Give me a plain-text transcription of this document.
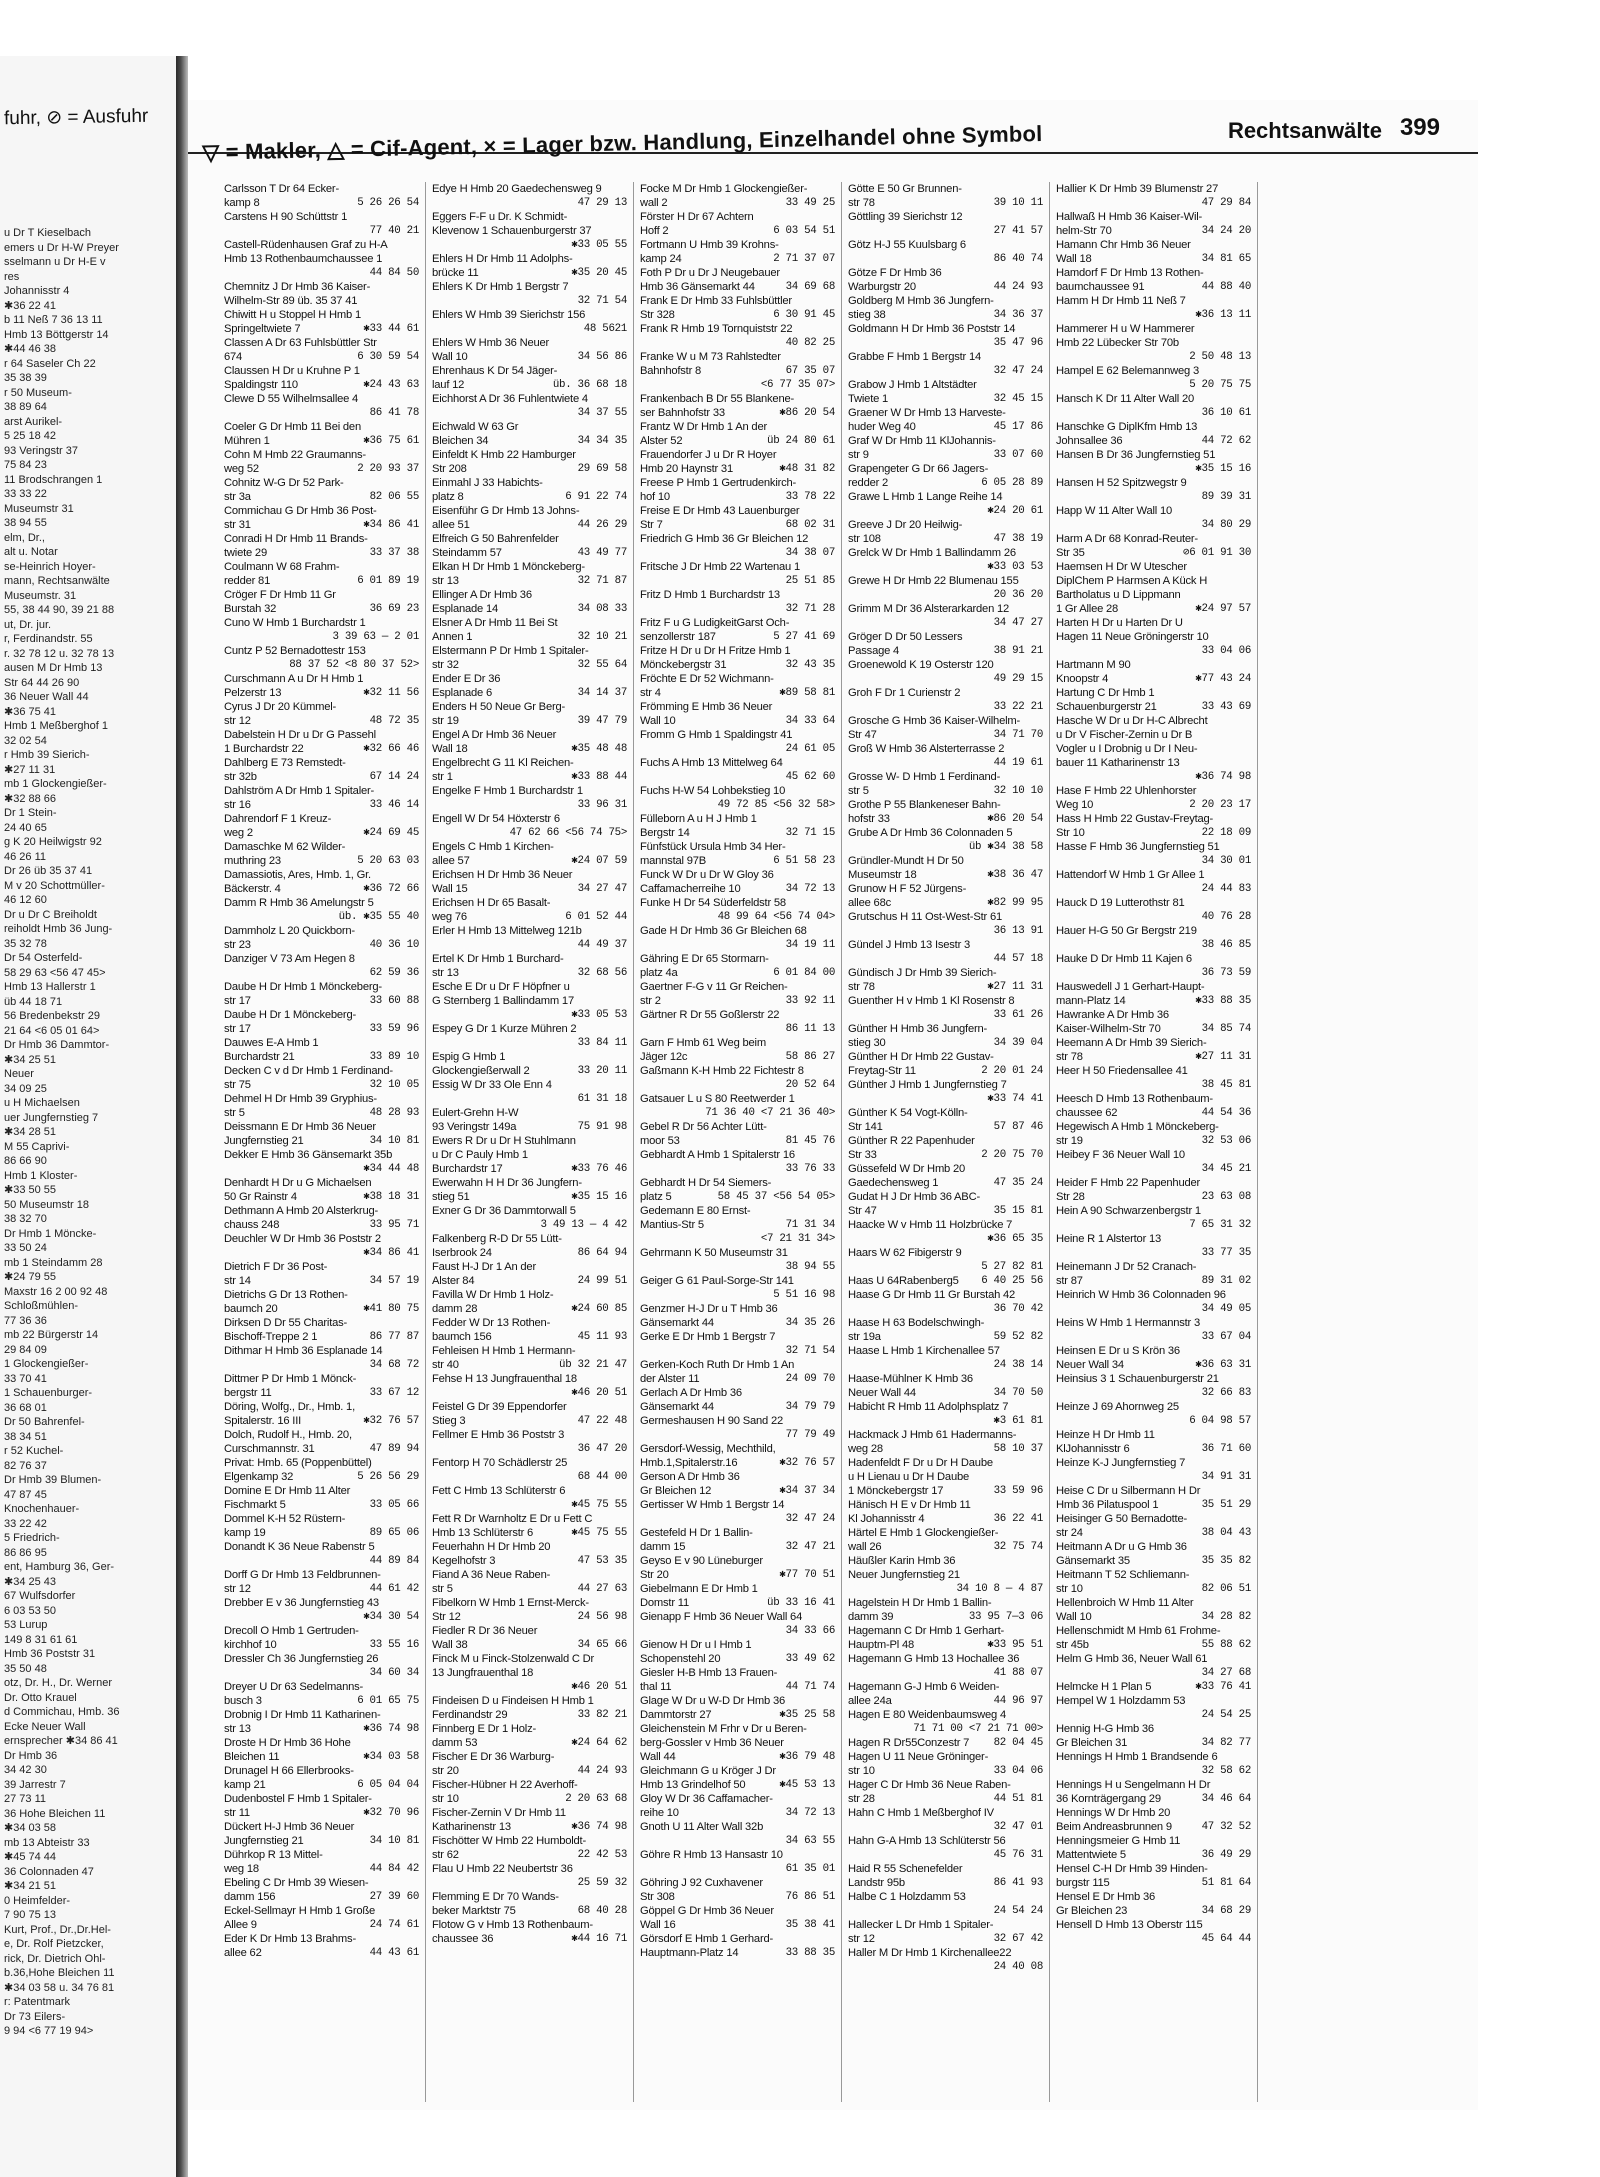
fuhr, ⊘ = Ausfuhr
u Dr T Kieselbach
emers u Dr H-W Preyer
sselmann u Dr H-E v
res
Johannisstr 4
✱36 22 41
b 11 Neß 7 36 13 11
Hmb 13 Böttgerstr 14
✱44 46 38
r 64 Saseler Ch 22
35 38 39
r 50 Museum-
38 89 64
arst Aurikel-
5 25 18 42
93 Veringstr 37
75 84 23
11 Brodschrangen 1
33 33 22
Museumstr 31
38 94 55
elm, Dr.,
alt u. Notar
se-Heinrich Hoyer-
mann, Rechtsanwälte
Museumstr. 31
55, 38 44 90, 39 21 88
ut, Dr. jur.
r, Ferdinandstr. 55
r. 32 78 12 u. 32 78 13
ausen M Dr Hmb 13
Str 64 44 26 90
36 Neuer Wall 44
✱36 75 41
Hmb 1 Meßberghof 1
32 02 54
r Hmb 39 Sierich-
✱27 11 31
mb 1 Glockengießer-
✱32 88 66
Dr 1 Stein-
24 40 65
g K 20 Heilwigstr 92
46 26 11
Dr 26 üb 35 37 41
M v 20 Schottmüller-
46 12 60
Dr u Dr C Breiholdt
reiholdt Hmb 36 Jung-
35 32 78
Dr 54 Osterfeld-
58 29 63 <56 47 45>
Hmb 13 Hallerstr 1
üb 44 18 71
56 Bredenbekstr 29
21 64 <6 05 01 64>
Dr Hmb 36 Dammtor-
✱34 25 51
Neuer
34 09 25
u H Michaelsen
uer Jungfernstieg 7
✱34 28 51
M 55 Caprivi-
86 66 90
Hmb 1 Kloster-
✱33 50 55
50 Museumstr 18
38 32 70
Dr Hmb 1 Möncke-
33 50 24
mb 1 Steindamm 28
✱24 79 55
Maxstr 16 2 00 92 48
Schloßmühlen-
77 36 36
mb 22 Bürgerstr 14
29 84 09
1 Glockengießer-
33 70 41
1 Schauenburger-
36 68 01
Dr 50 Bahrenfel-
38 34 51
r 52 Kuchel-
82 76 37
Dr Hmb 39 Blumen-
47 87 45
Knochenhauer-
33 22 42
5 Friedrich-
86 86 95
ent, Hamburg 36, Ger-
✱34 25 43
67 Wulfsdorfer
6 03 53 50
53 Lurup
149 8 31 61 61
Hmb 36 Poststr 31
35 50 48
otz, Dr. H., Dr. Werner
Dr. Otto Krauel
d Commichau, Hmb. 36
Ecke Neuer Wall
ernsprecher ✱34 86 41
Dr Hmb 36
34 42 30
39 Jarrestr 7
27 73 11
36 Hohe Bleichen 11
✱34 03 58
mb 13 Abteistr 33
✱45 74 44
36 Colonnaden 47
✱34 21 51
0 Heimfelder-
7 90 75 13
Kurt, Prof., Dr.,Dr.Hel-
e, Dr. Rolf Pietzcker,
rick, Dr. Dietrich Ohl-
b.36,Hohe Bleichen 11
✱34 03 58 u. 34 76 81
r: Patentmark
Dr 73 Eilers-
9 94 <6 77 19 94>
▽ = Makler, △ = Cif-Agent, × = Lager bzw. Handlung, Einzelhandel ohne Symbol	Rechtsanwälte 399
Carlsson T Dr 64 Ecker-
5 26 26 54
kamp 8
Carstens H 90 Schüttstr 1
77 40 21
Castell-Rüdenhausen Graf zu H-A
Hmb 13 Rothenbaumchaussee 1
44 84 50
Chemnitz J Dr Hmb 36 Kaiser-
Wilhelm-Str 89 üb. 35 37 41
Chiwitt H u Stoppel H Hmb 1
✱33 44 61
Springeltwiete 7
Classen A Dr 63 Fuhlsbüttler Str
6 30 59 54
674
Claussen H Dr u Kruhne P 1
✱24 43 63
Spaldingstr 110
Clewe D 55 Wilhelmsallee 4
86 41 78
Coeler G Dr Hmb 11 Bei den
✱36 75 61
Mühren 1
Cohn M Hmb 22 Graumanns-
2 20 93 37
weg 52
Cohnitz W-G Dr 52 Park-
82 06 55
str 3a
Commichau G Dr Hmb 36 Post-
✱34 86 41
str 31
Conradi H Dr Hmb 11 Brands-
33 37 38
twiete 29
Coulmann W 68 Frahm-
6 01 89 19
redder 81
Cröger F Dr Hmb 11 Gr
36 69 23
Burstah 32
Cuno W Hmb 1 Burchardstr 1
3 39 63 — 2 01
Cuntz P 52 Bernadottestr 153
88 37 52 <8 80 37 52>
Curschmann A u Dr H Hmb 1
✱32 11 56
Pelzerstr 13
Cyrus J Dr 20 Kümmel-
48 72 35
str 12
Dabelstein H Dr u Dr G Passehl
✱32 66 46
1 Burchardstr 22
Dahlberg E 73 Remstedt-
67 14 24
str 32b
Dahlström A Dr Hmb 1 Spitaler-
33 46 14
str 16
Dahrendorf F 1 Kreuz-
✱24 69 45
weg 2
Damaschke M 62 Wilder-
5 20 63 03
muthring 23
Damassiotis, Ares, Hmb. 1, Gr.
✱36 72 66
Bäckerstr. 4
Damm R Hmb 36 Amelungstr 5
üb. ✱35 55 40
Dammholz L 20 Quickborn-
40 36 10
str 23
Danziger V 73 Am Hegen 8
62 59 36
Daube H Dr Hmb 1 Mönckeberg-
33 60 88
str 17
Daube H Dr 1 Mönckeberg-
33 59 96
str 17
Dauwes E-A Hmb 1
33 89 10
Burchardstr 21
Decken C v d Dr Hmb 1 Ferdinand-
32 10 05
str 75
Dehmel H Dr Hmb 39 Gryphius-
48 28 93
str 5
Deissmann E Dr Hmb 36 Neuer
34 10 81
Jungfernstieg 21
Dekker E Hmb 36 Gänsemarkt 35b
✱34 44 48
Denhardt H Dr u G Michaelsen
✱38 18 31
50 Gr Rainstr 4
Dethmann A Hmb 20 Alsterkrug-
33 95 71
chauss 248
Deuchler W Dr Hmb 36 Poststr 2
✱34 86 41
Dietrich F Dr 36 Post-
34 57 19
str 14
Dietrichs G Dr 13 Rothen-
✱41 80 75
baumch 20
Dirksen D Dr 55 Charitas-
86 77 87
Bischoff-Treppe 2 1
Dithmar H Hmb 36 Esplanade 14
34 68 72
Dittmer P Dr Hmb 1 Mönck-
33 67 12
bergstr 11
Döring, Wolfg., Dr., Hmb. 1,
✱32 76 57
Spitalerstr. 16 III
Dolch, Rudolf H., Hmb. 20,
47 89 94
Curschmannstr. 31
Privat: Hmb. 65 (Poppenbüttel)
5 26 56 29
Elgenkamp 32
Domine E Dr Hmb 11 Alter
33 05 66
Fischmarkt 5
Dommel K-H 52 Rüstern-
89 65 06
kamp 19
Donandt K 36 Neue Rabenstr 5
44 89 84
Dorff G Dr Hmb 13 Feldbrunnen-
44 61 42
str 12
Drebber E v 36 Jungfernstieg 43
✱34 30 54
Drecoll O Hmb 1 Gertruden-
33 55 16
kirchhof 10
Dressler Ch 36 Jungfernstieg 26
34 60 34
Dreyer U Dr 63 Sedelmanns-
6 01 65 75
busch 3
Drobnig I Dr Hmb 11 Katharinen-
✱36 74 98
str 13
Droste H Dr Hmb 36 Hohe
✱34 03 58
Bleichen 11
Drunagel H 66 Ellerbrooks-
6 05 04 04
kamp 21
Dudenbostel F Hmb 1 Spitaler-
✱32 70 96
str 11
Dückert H-J Hmb 36 Neuer
34 10 81
Jungfernstieg 21
Dührkop R 13 Mittel-
44 84 42
weg 18
Ebeling C Dr Hmb 39 Wiesen-
27 39 60
damm 156
Eckel-Sellmayr H Hmb 1 Große
24 74 61
Allee 9
Eder K Dr Hmb 13 Brahms-
44 43 61
allee 62
Edye H Hmb 20 Gaedechensweg 9
47 29 13
Eggers F-F u Dr. K Schmidt-
Klevenow 1 Schauenburgerstr 37
✱33 05 55
Ehlers H Dr Hmb 11 Adolphs-
✱35 20 45
brücke 11
Ehlers K Dr Hmb 1 Bergstr 7
32 71 54
Ehlers W Hmb 39 Sierichstr 156
48 5621
Ehlers W Hmb 36 Neuer
34 56 86
Wall 10
Ehrenhaus K Dr 54 Jäger-
üb. 36 68 18
lauf 12
Eichhorst A Dr 36 Fuhlentwiete 4
34 37 55
Eichwald W 63 Gr
34 34 35
Bleichen 34
Einfeldt K Hmb 22 Hamburger
29 69 58
Str 208
Einmahl J 33 Habichts-
6 91 22 74
platz 8
Eisenführ G Dr Hmb 13 Johns-
44 26 29
allee 51
Elfreich G 50 Bahrenfelder
43 49 77
Steindamm 57
Elkan H Dr Hmb 1 Mönckeberg-
32 71 87
str 13
Ellinger A Dr Hmb 36
34 08 33
Esplanade 14
Elsner A Dr Hmb 11 Bei St
32 10 21
Annen 1
Elstermann P Dr Hmb 1 Spitaler-
32 55 64
str 32
Ender E Dr 36
34 14 37
Esplanade 6
Enders H 50 Neue Gr Berg-
39 47 79
str 19
Engel A Dr Hmb 36 Neuer
✱35 48 48
Wall 18
Engelbrecht G 11 Kl Reichen-
✱33 88 44
str 1
Engelke F Hmb 1 Burchardstr 1
33 96 31
Engell W Dr 54 Höxterstr 6
47 62 66 <56 74 75>
Engels C Hmb 1 Kirchen-
✱24 07 59
allee 57
Erichsen H Dr Hmb 36 Neuer
34 27 47
Wall 15
Erichsen H Dr 65 Basalt-
6 01 52 44
weg 76
Erler H Hmb 13 Mittelweg 121b
44 49 37
Ertel K Dr Hmb 1 Burchard-
32 68 56
str 13
Esche E Dr u Dr F Höpfner u
G Sternberg 1 Ballindamm 17
✱33 05 53
Espey G Dr 1 Kurze Mühren 2
33 84 11
Espig G Hmb 1
33 20 11
Glockengießerwall 2
Essig W Dr 33 Ole Enn 4
61 31 18
Eulert-Grehn H-W
75 91 98
93 Veringstr 149a
Ewers R Dr u Dr H Stuhlmann
u Dr C Pauly Hmb 1
✱33 76 46
Burchardstr 17
Ewerwahn H H Dr 36 Jungfern-
✱35 15 16
stieg 51
Exner G Dr 36 Dammtorwall 5
3 49 13 — 4 42
Falkenberg R-D Dr 55 Lütt-
86 64 94
Iserbrook 24
Faust H-J Dr 1 An der
24 99 51
Alster 84
Favilla W Dr Hmb 1 Holz-
✱24 60 85
damm 28
Fedder W Dr 13 Rothen-
45 11 93
baumch 156
Fehleisen H Hmb 1 Hermann-
üb 32 21 47
str 40
Fehse H 13 Jungfrauenthal 18
✱46 20 51
Feistel G Dr 39 Eppendorfer
47 22 48
Stieg 3
Fellmer E Hmb 36 Poststr 3
36 47 20
Fentorp H 70 Schädlerstr 25
68 44 00
Fett C Hmb 13 Schlüterstr 6
✱45 75 55
Fett R Dr Warnholtz E Dr u Fett C
✱45 75 55
Hmb 13 Schlüterstr 6
Feuerhahn H Dr Hmb 20
47 53 35
Kegelhofstr 3
Fiand A 36 Neue Raben-
44 27 63
str 5
Fibelkorn W Hmb 1 Ernst-Merck-
24 56 98
Str 12
Fiedler R Dr 36 Neuer
34 65 66
Wall 38
Finck M u Finck-Stolzenwald C Dr
13 Jungfrauenthal 18
✱46 20 51
Findeisen D u Findeisen H Hmb 1
33 82 21
Ferdinandstr 29
Finnberg E Dr 1 Holz-
✱24 64 62
damm 53
Fischer E Dr 36 Warburg-
44 24 93
str 20
Fischer-Hübner H 22 Averhoff-
2 20 63 68
str 10
Fischer-Zernin V Dr Hmb 11
✱36 74 98
Katharinenstr 13
Fischötter W Hmb 22 Humboldt-
22 42 53
str 62
Flau U Hmb 22 Neubertstr 36
25 59 32
Flemming E Dr 70 Wands-
68 40 28
beker Marktstr 75
Flotow G v Hmb 13 Rothenbaum-
✱44 16 71
chaussee 36
Focke M Dr Hmb 1 Glockengießer-
33 49 25
wall 2
Förster H Dr 67 Achtern
6 03 54 51
Hoff 2
Fortmann U Hmb 39 Krohns-
2 71 37 07
kamp 24
Foth P Dr u Dr J Neugebauer
34 69 68
Hmb 36 Gänsemarkt 44
Frank E Dr Hmb 33 Fuhlsbüttler
6 30 91 45
Str 328
Frank R Hmb 19 Tornquiststr 22
40 82 25
Franke W u M 73 Rahlstedter
67 35 07
Bahnhofstr 8
<6 77 35 07>
Frankenbach B Dr 55 Blankene-
✱86 20 54
ser Bahnhofstr 33
Frantz W Dr Hmb 1 An der
üb 24 80 61
Alster 52
Frauendorfer J u Dr R Hoyer
✱48 31 82
Hmb 20 Haynstr 31
Freese P Hmb 1 Gertrudenkirch-
33 78 22
hof 10
Freise E Dr Hmb 43 Lauenburger
68 02 31
Str 7
Friedrich G Hmb 36 Gr Bleichen 12
34 38 07
Fritsche J Dr Hmb 22 Wartenau 1
25 51 85
Fritz D Hmb 1 Burchardstr 13
32 71 28
Fritz F u G LudigkeitGarst Och-
5 27 41 69
senzollerstr 187
Fritze H Dr u Dr H Fritze Hmb 1
32 43 35
Mönckebergstr 31
Fröchte E Dr 52 Wichmann-
✱89 58 81
str 4
Frömming E Hmb 36 Neuer
34 33 64
Wall 10
Fromm G Hmb 1 Spaldingstr 41
24 61 05
Fuchs A Hmb 13 Mittelweg 64
45 62 60
Fuchs H-W 54 Lohbekstieg 10
49 72 85 <56 32 58>
Fülleborn A u H J Hmb 1
32 71 15
Bergstr 14
Fünfstück Ursula Hmb 34 Her-
6 51 58 23
mannstal 97B
Funck W Dr u Dr W Gloy 36
34 72 13
Caffamacherreihe 10
Funke H Dr 54 Süderfeldstr 58
48 99 64 <56 74 04>
Gade H Dr Hmb 36 Gr Bleichen 68
34 19 11
Gähring E Dr 65 Stormarn-
6 01 84 00
platz 4a
Gaertner F-G v 11 Gr Reichen-
33 92 11
str 2
Gärtner R Dr 55 Goßlerstr 22
86 11 13
Garn F Hmb 61 Weg beim
58 86 27
Jäger 12c
Gaßmann K-H Hmb 22 Fichtestr 8
20 52 64
Gatsauer L u S 80 Reetwerder 1
71 36 40 <7 21 36 40>
Gebel R Dr 56 Achter Lütt-
81 45 76
moor 53
Gebhardt A Hmb 1 Spitalerstr 16
33 76 33
Gebhardt H Dr 54 Siemers-
58 45 37 <56 54 05>
platz 5
Gedemann E 80 Ernst-
71 31 34
Mantius-Str 5
<7 21 31 34>
Gehrmann K 50 Museumstr 31
38 94 55
Geiger G 61 Paul-Sorge-Str 141
5 51 16 98
Genzmer H-J Dr u T Hmb 36
34 35 26
Gänsemarkt 44
Gerke E Dr Hmb 1 Bergstr 7
32 71 54
Gerken-Koch Ruth Dr Hmb 1 An
24 09 70
der Alster 11
Gerlach A Dr Hmb 36
34 79 79
Gänsemarkt 44
Germeshausen H 90 Sand 22
77 79 49
Gersdorf-Wessig, Mechthild,
✱32 76 57
Hmb.1,Spitalerstr.16
Gerson A Dr Hmb 36
✱34 37 34
Gr Bleichen 12
Gertisser W Hmb 1 Bergstr 14
32 47 24
Gestefeld H Dr 1 Ballin-
32 47 21
damm 15
Geyso E v 90 Lüneburger
✱77 70 51
Str 20
Giebelmann E Dr Hmb 1
üb 33 16 41
Domstr 11
Gienapp F Hmb 36 Neuer Wall 64
34 33 66
Gienow H Dr u I Hmb 1
33 49 62
Schopenstehl 20
Giesler H-B Hmb 13 Frauen-
44 71 74
thal 11
Glage W Dr u W-D Dr Hmb 36
✱35 25 58
Dammtorstr 27
Gleichenstein M Frhr v Dr u Beren-
berg-Gossler v Hmb 36 Neuer
✱36 79 48
Wall 44
Gleichmann G u Kröger J Dr
✱45 53 13
Hmb 13 Grindelhof 50
Gloy W Dr 36 Caffamacher-
34 72 13
reihe 10
Gnoth U 11 Alter Wall 32b
34 63 55
Göhre R Hmb 13 Hansastr 10
61 35 01
Göhring J 92 Cuxhavener
76 86 51
Str 308
Göppel G Dr Hmb 36 Neuer
35 38 41
Wall 16
Görsdorf E Hmb 1 Gerhard-
33 88 35
Hauptmann-Platz 14
Götte E 50 Gr Brunnen-
39 10 11
str 78
Göttling 39 Sierichstr 12
27 41 57
Götz H-J 55 Kuulsbarg 6
86 40 74
Götze F Dr Hmb 36
44 24 93
Warburgstr 20
Goldberg M Hmb 36 Jungfern-
34 36 37
stieg 38
Goldmann H Dr Hmb 36 Poststr 14
35 47 96
Grabbe F Hmb 1 Bergstr 14
32 47 24
Grabow J Hmb 1 Altstädter
32 45 15
Twiete 1
Graener W Dr Hmb 13 Harveste-
45 17 86
huder Weg 40
Graf W Dr Hmb 11 KlJohannis-
33 07 60
str 9
Grapengeter G Dr 66 Jagers-
6 05 28 89
redder 2
Grawe L Hmb 1 Lange Reihe 14
✱24 20 61
Greeve J Dr 20 Heilwig-
47 38 19
str 108
Grelck W Dr Hmb 1 Ballindamm 26
✱33 03 53
Grewe H Dr Hmb 22 Blumenau 155
20 36 20
Grimm M Dr 36 Alsterarkarden 12
34 47 27
Gröger D Dr 50 Lessers
38 91 21
Passage 4
Groenewold K 19 Osterstr 120
49 29 15
Groh F Dr 1 Curienstr 2
33 22 21
Grosche G Hmb 36 Kaiser-Wilhelm-
34 71 70
Str 47
Groß W Hmb 36 Alsterterrasse 2
44 19 61
Grosse W- D Hmb 1 Ferdinand-
32 10 10
str 5
Grothe P 55 Blankeneser Bahn-
✱86 20 54
hofstr 33
Grube A Dr Hmb 36 Colonnaden 5
üb ✱34 38 58
Gründler-Mundt H Dr 50
✱38 36 47
Museumstr 18
Grunow H F 52 Jürgens-
✱82 99 95
allee 68c
Grutschus H 11 Ost-West-Str 61
36 13 91
Gündel J Hmb 13 Isestr 3
44 57 18
Gündisch J Dr Hmb 39 Sierich-
✱27 11 31
str 78
Guenther H v Hmb 1 Kl Rosenstr 8
33 61 26
Günther H Hmb 36 Jungfern-
34 39 04
stieg 30
Günther H Dr Hmb 22 Gustav-
2 20 01 24
Freytag-Str 11
Günther J Hmb 1 Jungfernstieg 7
✱33 74 41
Günther K 54 Vogt-Kölln-
57 87 46
Str 141
Günther R 22 Papenhuder
2 20 75 70
Str 33
Güssefeld W Dr Hmb 20
47 35 24
Gaedechensweg 1
Gudat H J Dr Hmb 36 ABC-
35 15 81
Str 47
Haacke W v Hmb 11 Holzbrücke 7
✱36 65 35
Haars W 62 Fibigerstr 9
5 27 82 81
6 40 25 56
Haas U 64Rabenberg5
Haase G Dr Hmb 11 Gr Burstah 42
36 70 42
Haase H 63 Bodelschwingh-
59 52 82
str 19a
Haase L Hmb 1 Kirchenallee 57
24 38 14
Haase-Mühlner K Hmb 36
34 70 50
Neuer Wall 44
Habicht R Hmb 11 Adolphsplatz 7
✱3 61 81
Hackmack J Hmb 61 Hadermanns-
58 10 37
weg 28
Hadenfeldt F Dr u Dr H Daube
u H Lienau u Dr H Daube
33 59 96
1 Mönckebergstr 17
Hänisch H E v Dr Hmb 11
36 22 41
Kl Johannisstr 4
Härtel E Hmb 1 Glockengießer-
32 75 74
wall 26
Häußler Karin Hmb 36
Neuer Jungfernstieg 21
34 10 8 — 4 87
Hagelstein H Dr Hmb 1 Ballin-
33 95 7—3 06
damm 39
Hagemann C Dr Hmb 1 Gerhart-
✱33 95 51
Hauptm-Pl 48
Hagemann G Hmb 13 Hochallee 36
41 88 07
Hagemann G-J Hmb 6 Weiden-
44 96 97
allee 24a
Hagen E 80 Weidenbaumsweg 4
71 71 00 <7 21 71 00>
82 04 45
Hagen R Dr55Conzestr 7
Hagen U 11 Neue Gröninger-
33 04 06
str 10
Hager C Dr Hmb 36 Neue Raben-
44 51 81
str 28
Hahn C Hmb 1 Meßberghof IV
32 47 01
Hahn G-A Hmb 13 Schlüterstr 56
45 76 31
Haid R 55 Schenefelder
86 41 93
Landstr 95b
Halbe C 1 Holzdamm 53
24 54 24
Hallecker L Dr Hmb 1 Spitaler-
32 67 42
str 12
Haller M Dr Hmb 1 Kirchenallee22
24 40 08
Hallier K Dr Hmb 39 Blumenstr 27
47 29 84
Hallwaß H Hmb 36 Kaiser-Wil-
34 24 20
helm-Str 70
Hamann Chr Hmb 36 Neuer
34 81 65
Wall 18
Hamdorf F Dr Hmb 13 Rothen-
44 88 40
baumchaussee 91
Hamm H Dr Hmb 11 Neß 7
✱36 13 11
Hammerer H u W Hammerer
Hmb 22 Lübecker Str 70b
2 50 48 13
Hampel E 62 Belemannweg 3
5 20 75 75
Hansch K Dr 11 Alter Wall 20
36 10 61
Hanschke G DiplKfm Hmb 13
44 72 62
Johnsallee 36
Hansen B Dr 36 Jungfernstieg 51
✱35 15 16
Hansen H 52 Spitzwegstr 9
89 39 31
Happ W 11 Alter Wall 10
34 80 29
Harm A Dr 68 Konrad-Reuter-
⊘6 01 91 30
Str 35
Haemsen H Dr W Utescher
DiplChem P Harmsen A Kück H
Bartholatus u D Lippmann
✱24 97 57
1 Gr Allee 28
Harten H Dr u Harten Dr U
Hagen 11 Neue Gröningerstr 10
33 04 06
Hartmann M 90
✱77 43 24
Knoopstr 4
Hartung C Dr Hmb 1
33 43 69
Schauenburgerstr 21
Hasche W Dr u Dr H-C Albrecht
u Dr V Fischer-Zernin u Dr B
Vogler u I Drobnig u Dr I Neu-
bauer 11 Katharinenstr 13
✱36 74 98
Hase F Hmb 22 Uhlenhorster
2 20 23 17
Weg 10
Hass H Hmb 22 Gustav-Freytag-
22 18 09
Str 10
Hasse F Hmb 36 Jungfernstieg 51
34 30 01
Hattendorf W Hmb 1 Gr Allee 1
24 44 83
Hauck D 19 Lutterothstr 81
40 76 28
Hauer H-G 50 Gr Bergstr 219
38 46 85
Hauke D Dr Hmb 11 Kajen 6
36 73 59
Hauswedell J 1 Gerhart-Haupt-
✱33 88 35
mann-Platz 14
Hawranke A Dr Hmb 36
34 85 74
Kaiser-Wilhelm-Str 70
Heemann A Dr Hmb 39 Sierich-
✱27 11 31
str 78
Heer H 50 Friedensallee 41
38 45 81
Heesch D Hmb 13 Rothenbaum-
44 54 36
chaussee 62
Hegewisch A Hmb 1 Mönckeberg-
32 53 06
str 19
Heibey F 36 Neuer Wall 10
34 45 21
Heider F Hmb 22 Papenhuder
23 63 08
Str 28
Hein A 90 Schwarzenbergstr 1
7 65 31 32
Heine R 1 Alstertor 13
33 77 35
Heinemann J Dr 52 Cranach-
89 31 02
str 87
Heinrich W Hmb 36 Colonnaden 96
34 49 05
Heins W Hmb 1 Hermannstr 3
33 67 04
Heinsen E Dr u S Krön 36
✱36 63 31
Neuer Wall 34
Heinsius 3 1 Schauenburgerstr 21
32 66 83
Heinze J 69 Ahornweg 25
6 04 98 57
Heinze H Dr Hmb 11
36 71 60
KlJohannisstr 6
Heinze K-J Jungfernstieg 7
34 91 31
Heise C Dr u Silbermann H Dr
35 51 29
Hmb 36 Pilatuspool 1
Heisinger G 50 Bernadotte-
38 04 43
str 24
Heitmann A Dr u G Hmb 36
35 35 82
Gänsemarkt 35
Heitmann T 52 Schliemann-
82 06 51
str 10
Hellenbroich W Hmb 11 Alter
34 28 82
Wall 10
Hellenschmidt M Hmb 61 Frohme-
55 88 62
str 45b
Helm G Hmb 36, Neuer Wall 61
34 27 68
✱33 76 41
Helmcke H 1 Plan 5
Hempel W 1 Holzdamm 53
24 54 25
Hennig H-G Hmb 36
34 82 77
Gr Bleichen 31
Hennings H Hmb 1 Brandsende 6
32 58 62
Hennings H u Sengelmann H Dr
34 46 64
36 Kornträgergang 29
Hennings W Dr Hmb 20
47 32 52
Beim Andreasbrunnen 9
Henningsmeier G Hmb 11
36 49 29
Mattentwiete 5
Hensel C-H Dr Hmb 39 Hinden-
51 81 64
burgstr 115
Hensel E Dr Hmb 36
34 68 29
Gr Bleichen 23
Hensell D Hmb 13 Oberstr 115
45 64 44
